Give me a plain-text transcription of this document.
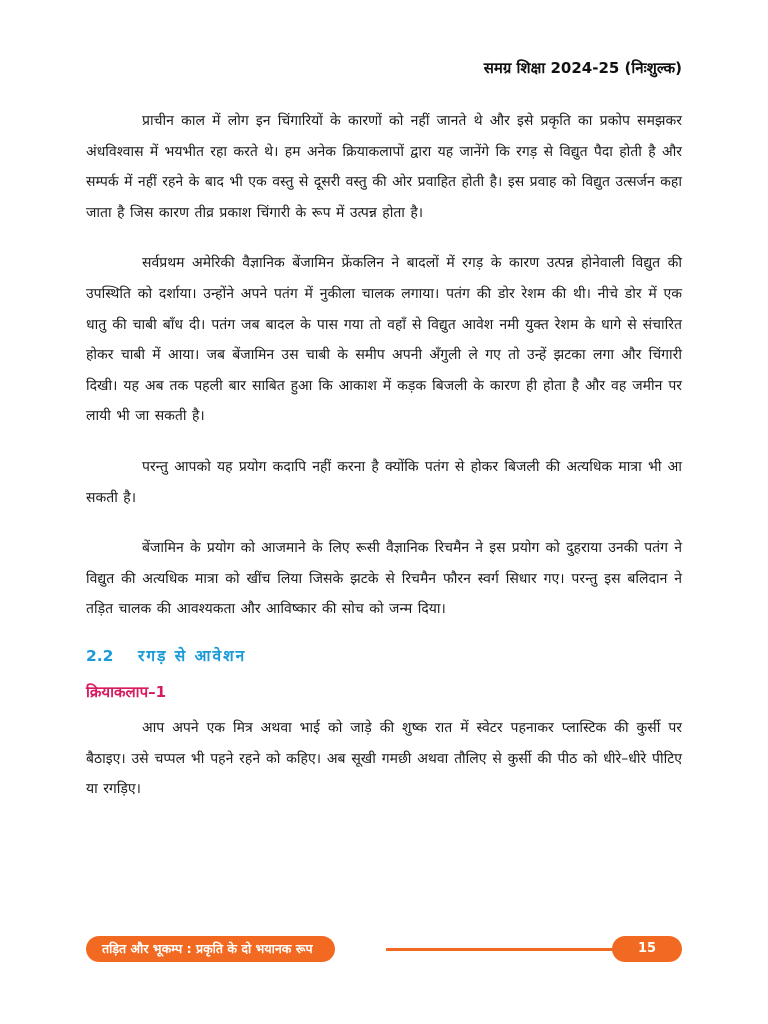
समग्र शिक्षा 2024-25 (निःशुल्क)

प्राचीन काल में लोग इन चिंगारियों के कारणों को नहीं जानते थे और इसे प्रकृति का प्रकोप समझकर अंधविश्वास में भयभीत रहा करते थे। हम अनेक क्रियाकलापों द्वारा यह जानेंगे कि रगड़ से विद्युत पैदा होती है और सम्पर्क में नहीं रहने के बाद भी एक वस्तु से दूसरी वस्तु की ओर प्रवाहित होती है। इस प्रवाह को विद्युत उत्सर्जन कहा जाता है जिस कारण तीव्र प्रकाश चिंगारी के रूप में उत्पन्न होता है।

सर्वप्रथम अमेरिकी वैज्ञानिक बेंजामिन फ्रेंकलिन ने बादलों में रगड़ के कारण उत्पन्न होनेवाली विद्युत की उपस्थिति को दर्शाया। उन्होंने अपने पतंग में नुकीला चालक लगाया। पतंग की डोर रेशम की थी। नीचे डोर में एक धातु की चाबी बाँध दी। पतंग जब बादल के पास गया तो वहाँ से विद्युत आवेश नमी युक्त रेशम के धागे से संचारित होकर चाबी में आया। जब बेंजामिन उस चाबी के समीप अपनी अँगुली ले गए तो उन्हें झटका लगा और चिंगारी दिखी। यह अब तक पहली बार साबित हुआ कि आकाश में कड़क बिजली के कारण ही होता है और वह जमीन पर लायी भी जा सकती है।

परन्तु आपको यह प्रयोग कदापि नहीं करना है क्योंकि पतंग से होकर बिजली की अत्यधिक मात्रा भी आ सकती है।

बेंजामिन के प्रयोग को आजमाने के लिए रूसी वैज्ञानिक रिचमैन ने इस प्रयोग को दुहराया उनकी पतंग ने विद्युत की अत्यधिक मात्रा को खींच लिया जिसके झटके से रिचमैन फौरन स्वर्ग सिधार गए। परन्तु इस बलिदान ने तड़ित चालक की आवश्यकता और आविष्कार की सोच को जन्म दिया।

2.2	रगड़ से आवेशन
क्रियाकलाप–1

आप अपने एक मित्र अथवा भाई को जाड़े की शुष्क रात में स्वेटर पहनाकर प्लास्टिक की कुर्सी पर बैठाइए। उसे चप्पल भी पहने रहने को कहिए। अब सूखी गमछी अथवा तौलिए से कुर्सी की पीठ को धीरे–धीरे पीटिए या रगड़िए।

तड़ित और भूकम्प : प्रकृति के दो भयानक रूप	15
